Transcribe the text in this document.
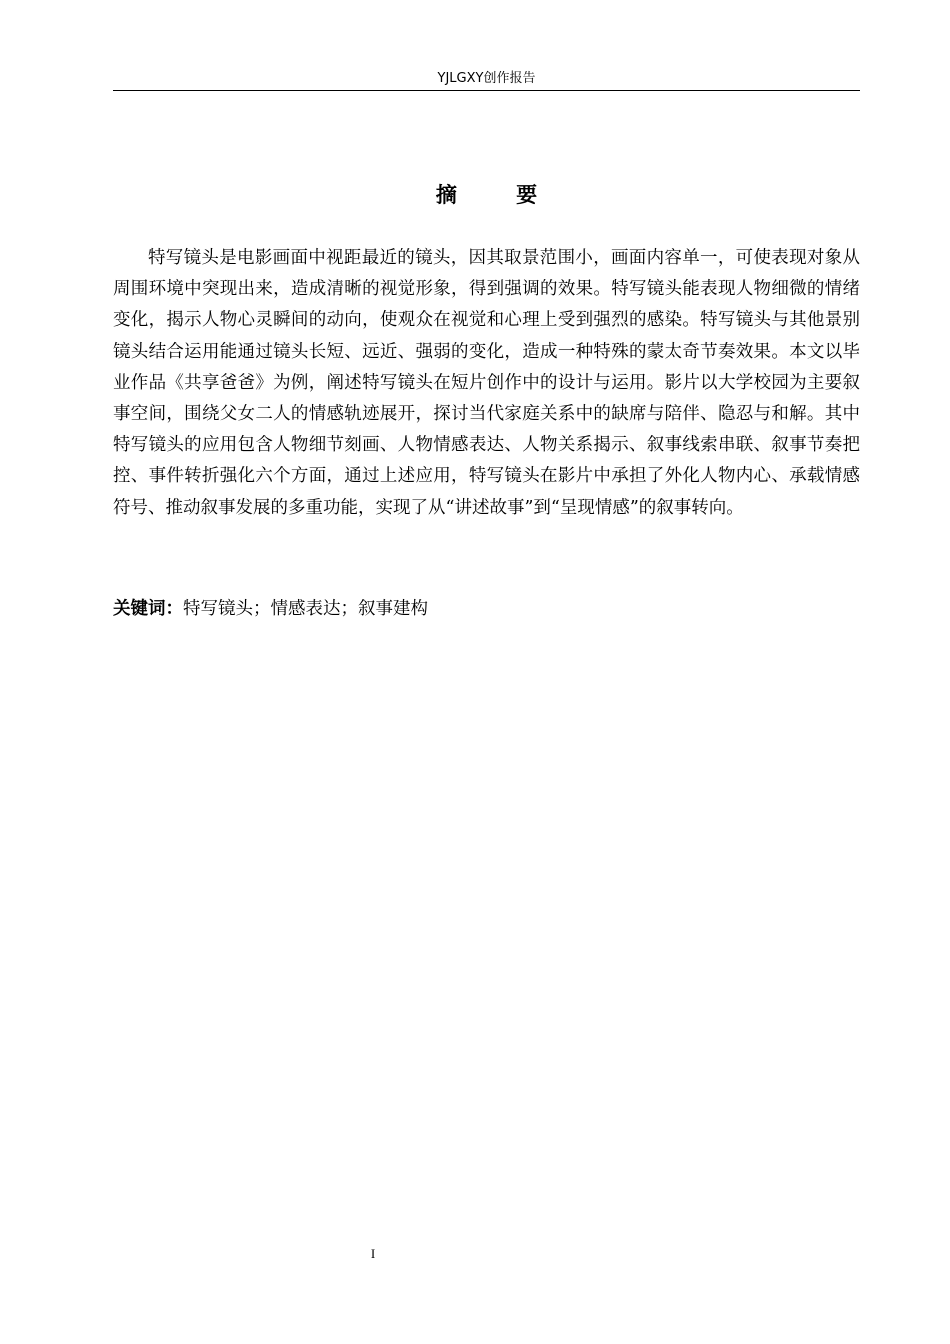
YJLGXY创作报告
摘 要

特写镜头是电影画面中视距最近的镜头，因其取景范围小，画面内容单一，可使表现对象从周围环境中突现出来，造成清晰的视觉形象，得到强调的效果。特写镜头能表现人物细微的情绪变化，揭示人物心灵瞬间的动向，使观众在视觉和心理上受到强烈的感染。特写镜头与其他景别镜头结合运用能通过镜头长短、远近、强弱的变化，造成一种特殊的蒙太奇节奏效果。本文以毕业作品《共享爸爸》为例，阐述特写镜头在短片创作中的设计与运用。影片以大学校园为主要叙事空间，围绕父女二人的情感轨迹展开，探讨当代家庭关系中的缺席与陪伴、隐忍与和解。其中特写镜头的应用包含人物细节刻画、人物情感表达、人物关系揭示、叙事线索串联、叙事节奏把控、事件转折强化六个方面，通过上述应用，特写镜头在影片中承担了外化人物内心、承载情感符号、推动叙事发展的多重功能，实现了从“讲述故事”到“呈现情感”的叙事转向。

关键词：特写镜头；情感表达；叙事建构
I
